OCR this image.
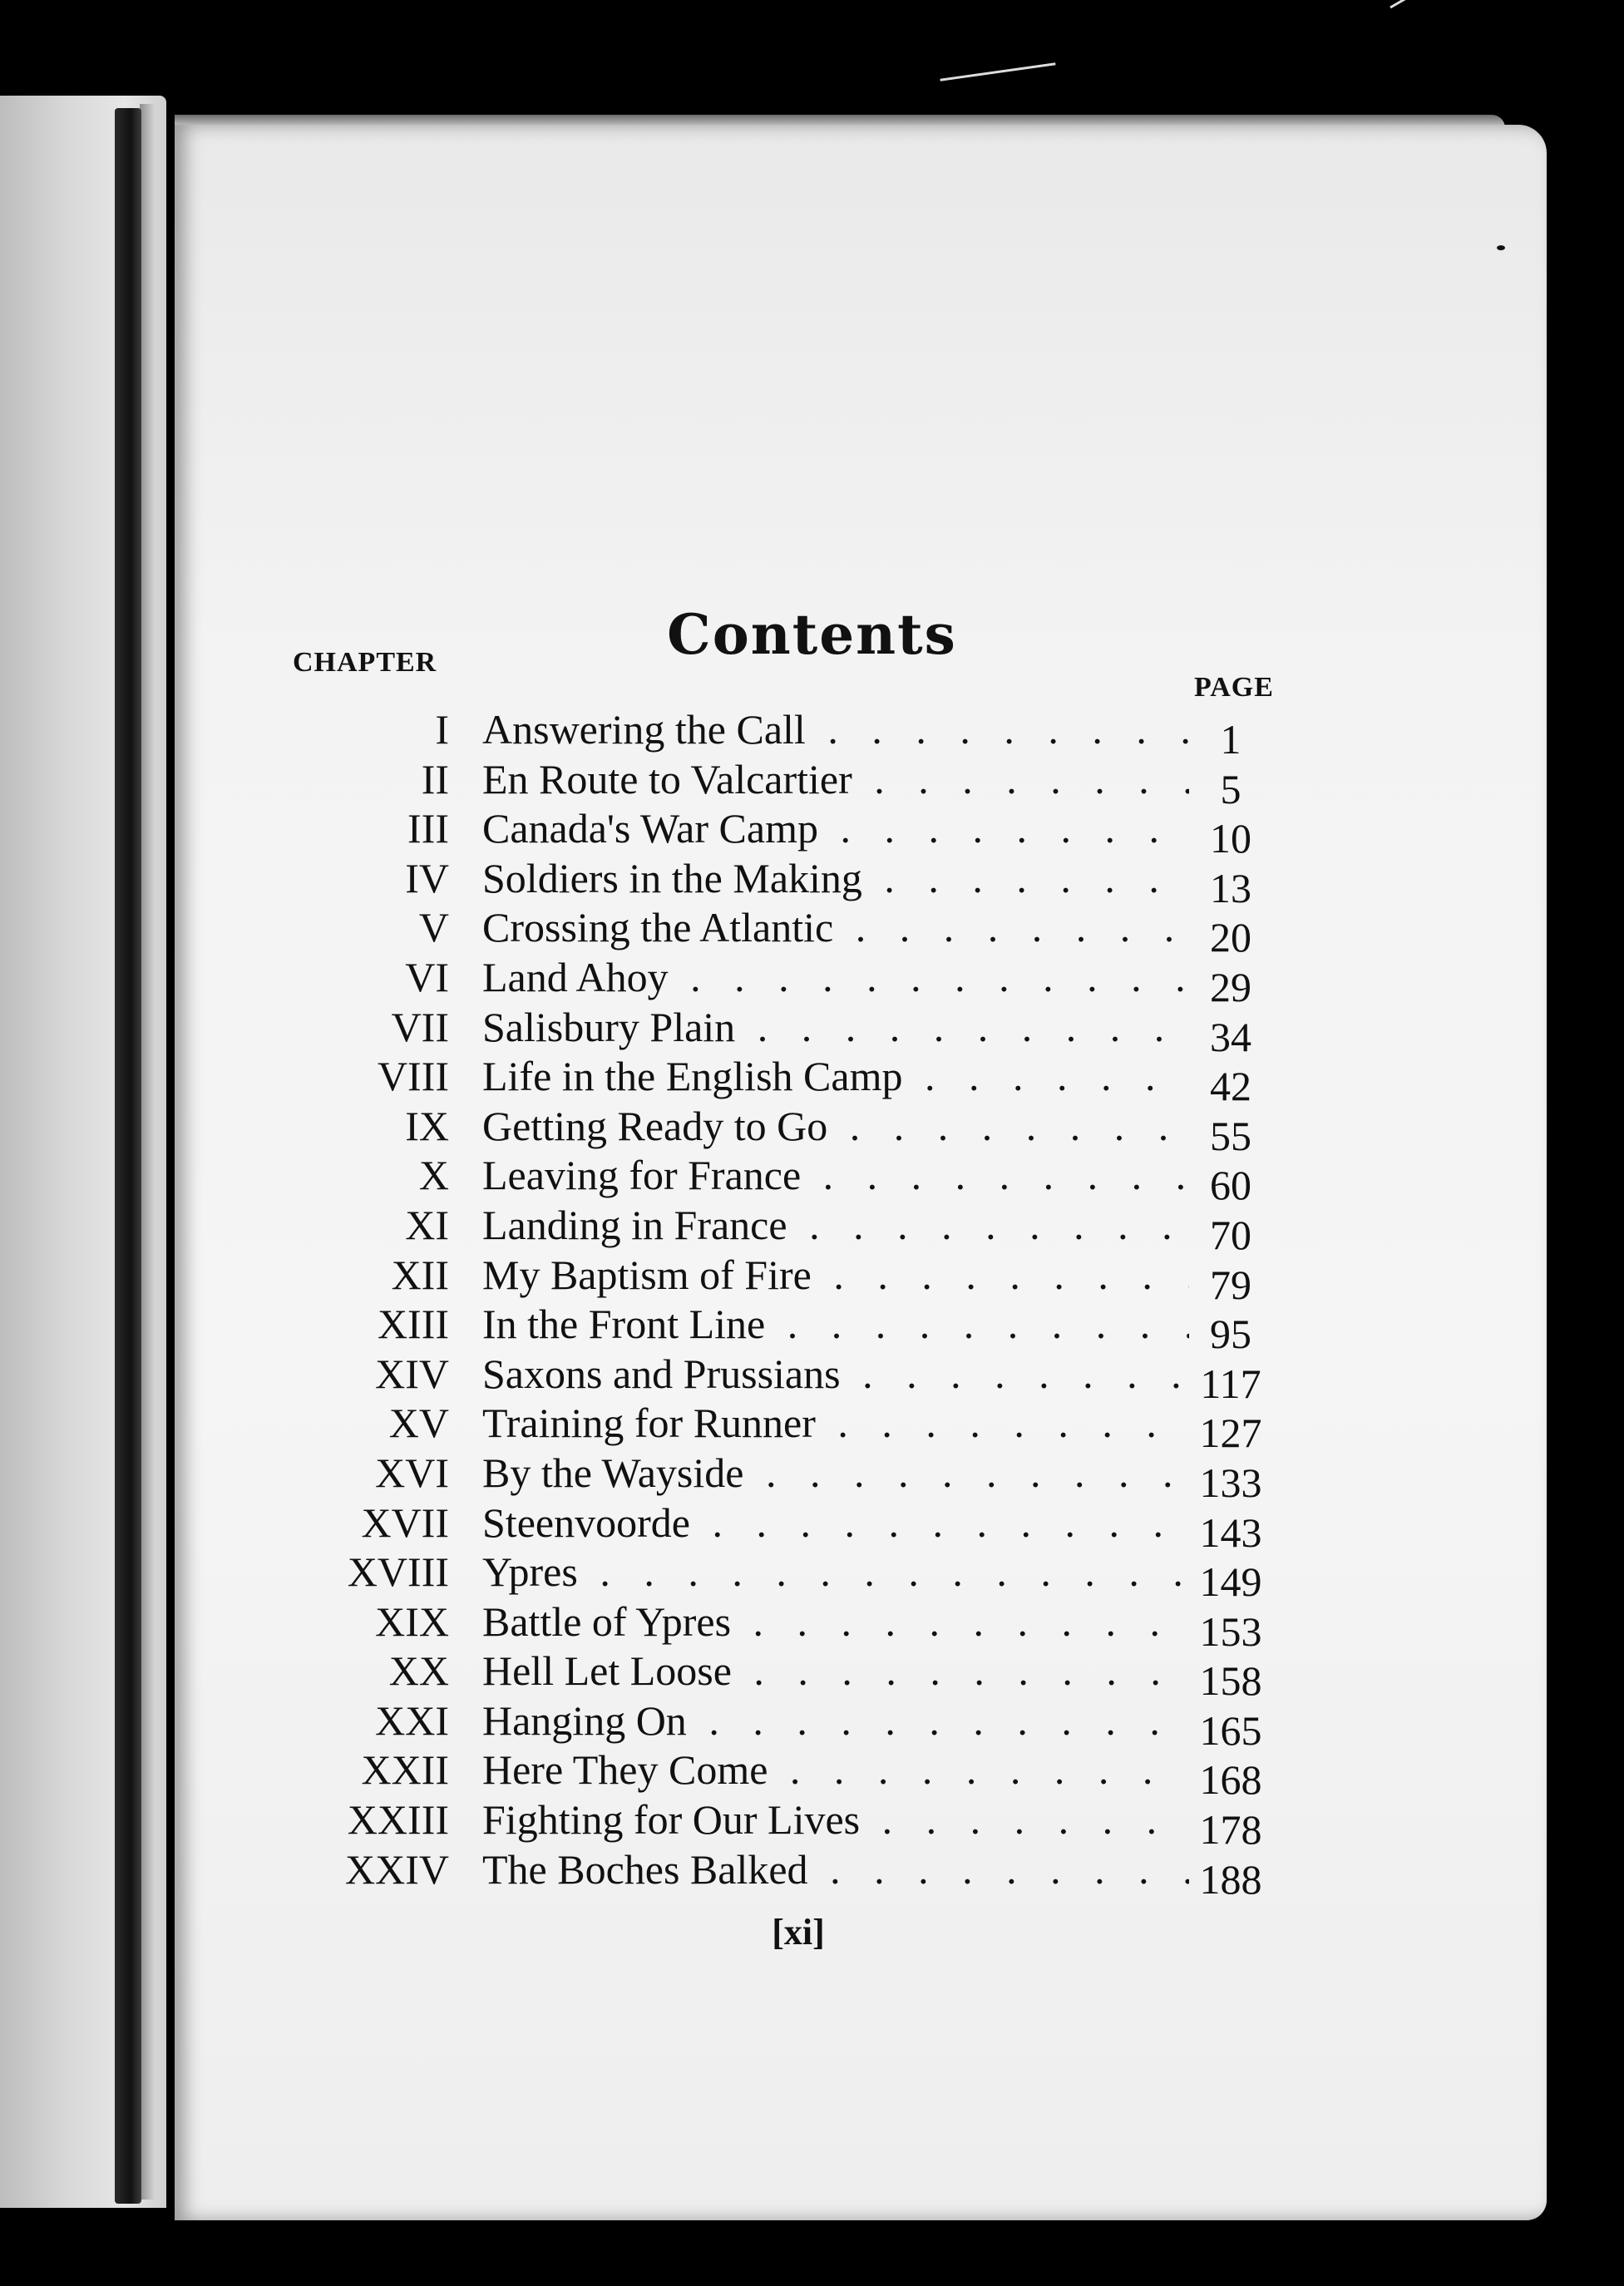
Contents
CHAPTER
PAGE
I Answering the Call . . .	1
II En Route to Valcartier . . .	5
III Canada's War Camp . . .	10
IV Soldiers in the Making . . .	13
V Crossing the Atlantic . . .	20
VI Land Ahoy . . .	29
VII Salisbury Plain . . .	34
VIII Life in the English Camp . . .	42
IX Getting Ready to Go . . .	55
X Leaving for France . . .	60
XI Landing in France . . .	70
XII My Baptism of Fire . . .	79
XIII In the Front Line . . .	95
XIV Saxons and Prussians . . .	117
XV Training for Runner . . .	127
XVI By the Wayside . . .	133
XVII Steenvoorde . . .	143
XVIII Ypres . . .	149
XIX Battle of Ypres . . .	153
XX Hell Let Loose . . .	158
XXI Hanging On . . .	165
XXII Here They Come . . .	168
XXIII Fighting for Our Lives . . .	178
XXIV The Boches Balked . . .	188
[xi]
